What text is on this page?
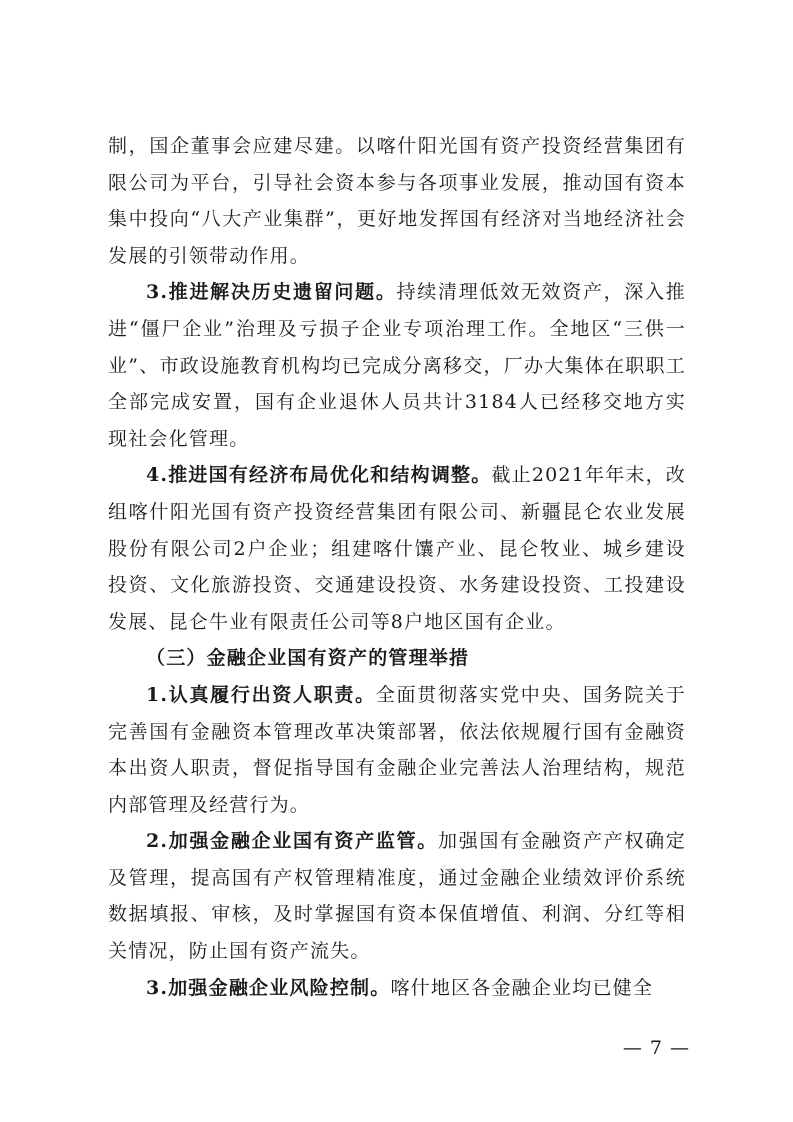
制，国企董事会应建尽建。以喀什阳光国有资产投资经营集团有限公司为平台，引导社会资本参与各项事业发展，推动国有资本集中投向“八大产业集群”，更好地发挥国有经济对当地经济社会发展的引领带动作用。

3.推进解决历史遗留问题。持续清理低效无效资产，深入推进“僵尸企业”治理及亏损子企业专项治理工作。全地区“三供一业”、市政设施教育机构均已完成分离移交，厂办大集体在职职工全部完成安置，国有企业退休人员共计3184人已经移交地方实现社会化管理。

4.推进国有经济布局优化和结构调整。截止2021年年末，改组喀什阳光国有资产投资经营集团有限公司、新疆昆仑农业发展股份有限公司2户企业；组建喀什馕产业、昆仑牧业、城乡建设投资、文化旅游投资、交通建设投资、水务建设投资、工投建设发展、昆仑牛业有限责任公司等8户地区国有企业。

（三）金融企业国有资产的管理举措

1.认真履行出资人职责。全面贯彻落实党中央、国务院关于完善国有金融资本管理改革决策部署，依法依规履行国有金融资本出资人职责，督促指导国有金融企业完善法人治理结构，规范内部管理及经营行为。

2.加强金融企业国有资产监管。加强国有金融资产产权确定及管理，提高国有产权管理精准度，通过金融企业绩效评价系统数据填报、审核，及时掌握国有资本保值增值、利润、分红等相关情况，防止国有资产流失。

3.加强金融企业风险控制。喀什地区各金融企业均已健全

— 7 —
